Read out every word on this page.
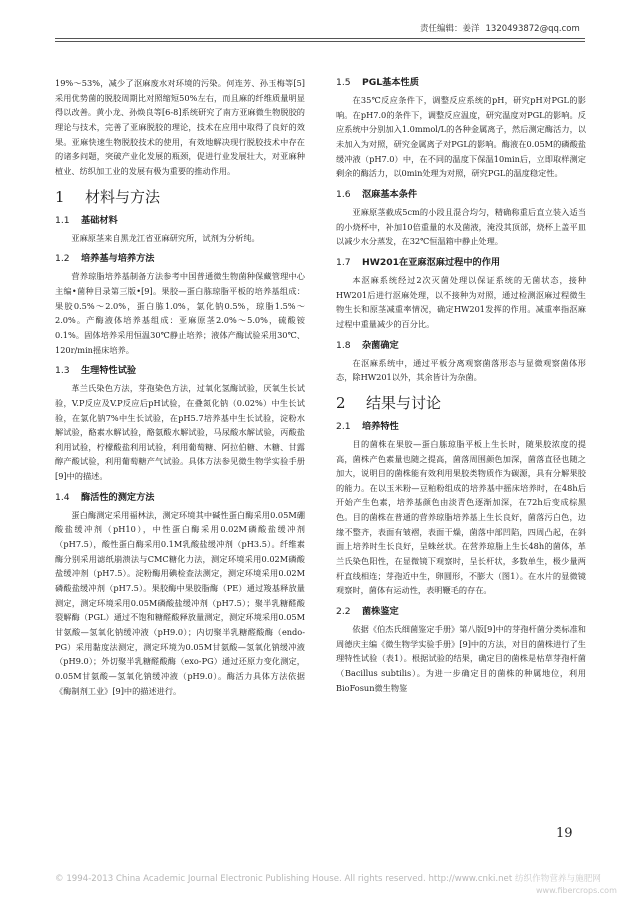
责任编辑：姜洋 1320493872@qq.com

19%～53%，减少了沤麻废水对环境的污染。何连芳、孙玉梅等[5]采用优势菌的脱胶周期比对照缩短50%左右，而且麻的纤维质量明显得以改善。黄小龙、孙焕良等[6-8]系统研究了南方亚麻微生物脱胶的理论与技术，完善了亚麻脱胶的理论，技术在应用中取得了良好的效果。亚麻快速生物脱胶技术的使用，有效地解决现行脱胶技术中存在的诸多问题，突破产业化发展的瓶颈，促进行业发展壮大，对亚麻种植业、纺织加工业的发展有极为重要的推动作用。

1 材料与方法
1.1 基础材料

亚麻原茎来自黑龙江省亚麻研究所，试剂为分析纯。

1.2 培养基与培养方法

营养琼脂培养基制备方法参考中国普通微生物菌种保藏管理中心主编•菌种目录第三版•[9]。果胶—蛋白胨琼脂平板的培养基组成：果胶0.5%～2.0%，蛋白胨1.0%，氯化钠0.5%，琼脂1.5%～2.0%。产酶液体培养基组成：亚麻原茎2.0%～5.0%，硫酸铵0.1%。固体培养采用恒温30℃静止培养；液体产酶试验采用30℃、120r/min摇床培养。

1.3 生理特性试验

革兰氏染色方法，芽孢染色方法，过氧化氢酶试验，厌氧生长试验，V.P反应及V.P反应后pH试验，在叠氮化钠（0.02%）中生长试验，在氯化钠7%中生长试验，在pH5.7培养基中生长试验，淀粉水解试验，酪素水解试验，酪氨酸水解试验，马尿酸水解试验，丙酸盐利用试验，柠檬酸盐利用试验，利用葡萄糖、阿拉伯糖、木糖、甘露醇产酸试验，利用葡萄糖产气试验。具体方法参见微生物学实验手册[9]中的描述。

1.4 酶活性的测定方法

蛋白酶测定采用福林法，测定环境其中碱性蛋白酶采用0.05M硼酸盐缓冲剂（pH10），中性蛋白酶采用0.02M磷酸盐缓冲剂（pH7.5），酸性蛋白酶采用0.1M乳酸盐缓冲剂（pH3.5）。纤维素酶分别采用滤纸崩溃法与CMC糖化力法，测定环境采用0.02M磷酸盐缓冲剂（pH7.5）。淀粉酶用碘检查法测定，测定环境采用0.02M磷酸盐缓冲剂（pH7.5）。果胶酶中果胶脂酶（PE）通过羧基释放量测定，测定环境采用0.05M磷酸盐缓冲剂（pH7.5）；聚半乳糖醛酸裂解酶（PGL）通过不饱和糖醛酸释放量测定，测定环境采用0.05M甘氨酸—氢氧化钠缓冲液（pH9.0）；内切聚半乳糖醛酸酶（endo-PG）采用黏度法测定，测定环境为0.05M甘氨酸—氢氧化钠缓冲液（pH9.0）；外切聚半乳糖醛酸酶（exo-PG）通过还原力变化测定，0.05M甘氨酸—氢氧化钠缓冲液（pH9.0）。酶活力具体方法依据《酶制剂工业》[9]中的描述进行。

1.5 PGL基本性质

在35℃反应条件下，调整反应系统的pH，研究pH对PGL的影响。在pH7.0的条件下，调整反应温度，研究温度对PGL的影响。反应系统中分别加入1.0mmol/L的各种金属离子，然后测定酶活力，以未加入为对照，研究金属离子对PGL的影响。酶液在0.05M的磷酸盐缓冲液（pH7.0）中，在不同的温度下保温10min后，立即取样测定剩余的酶活力，以0min处理为对照，研究PGL的温度稳定性。

1.6 沤麻基本条件

亚麻原茎截成5cm的小段且混合均匀，精确称重后直立装入适当的小烧杯中，补加10倍重量的水及菌液，淹没其顶部，烧杯上盖平皿以减少水分蒸发，在32℃恒温箱中静止处理。

1.7 HW201在亚麻沤麻过程中的作用

本沤麻系统经过2次灭菌处理以保证系统的无菌状态，接种HW201后进行沤麻处理，以不接种为对照，通过检测沤麻过程微生物生长和原茎减重率情况，确定HW201发挥的作用。减重率指沤麻过程中重量减少的百分比。

1.8 杂菌确定

在沤麻系统中，通过平板分离观察菌落形态与显微观察菌体形态，除HW201以外，其余皆计为杂菌。

2 结果与讨论
2.1 培养特性

目的菌株在果胶—蛋白胨琼脂平板上生长时，随果胶浓度的提高，菌株产色素量也随之提高，菌落周围颜色加深，菌落直径也随之加大，说明目的菌株能有效利用果胶类物质作为碳源，具有分解果胶的能力。在以玉米粉—豆粕粉组成的培养基中摇床培养时，在48h后开始产生色素，培养基颜色由淡青色逐渐加深，在72h后变成棕黑色。目的菌株在普通的营养琼脂培养基上生长良好，菌落污白色，边缘不整齐，表面有皱褶，表面干燥，菌落中部凹陷，四周凸起，在斜面上培养时生长良好，呈蛛丝状。在营养琼脂上生长48h的菌体，革兰氏染色阳性，在显微镜下观察时，呈长杆状，多数单生，极少量两杆直线相连；芽孢近中生，卵圆形，不膨大（图1）。在水片的显微镜观察时，菌体有运动性，表明鞭毛的存在。

2.2 菌株鉴定

依据《伯杰氏细菌鉴定手册》第八版[9]中的芽孢杆菌分类标准和周德庆主编《微生物学实验手册》[9]中的方法，对目的菌株进行了生理特性试验（表1）。根据试验的结果，确定目的菌株是枯草芽孢杆菌（Bacillus subtilis）。为进一步确定目的菌株的种属地位，利用BioFosun微生物鉴

19
© 1994-2013 China Academic Journal Electronic Publishing House. All rights reserved. http://www.cnki.net 纺织作物营养与施肥网
www.fibercrops.com
